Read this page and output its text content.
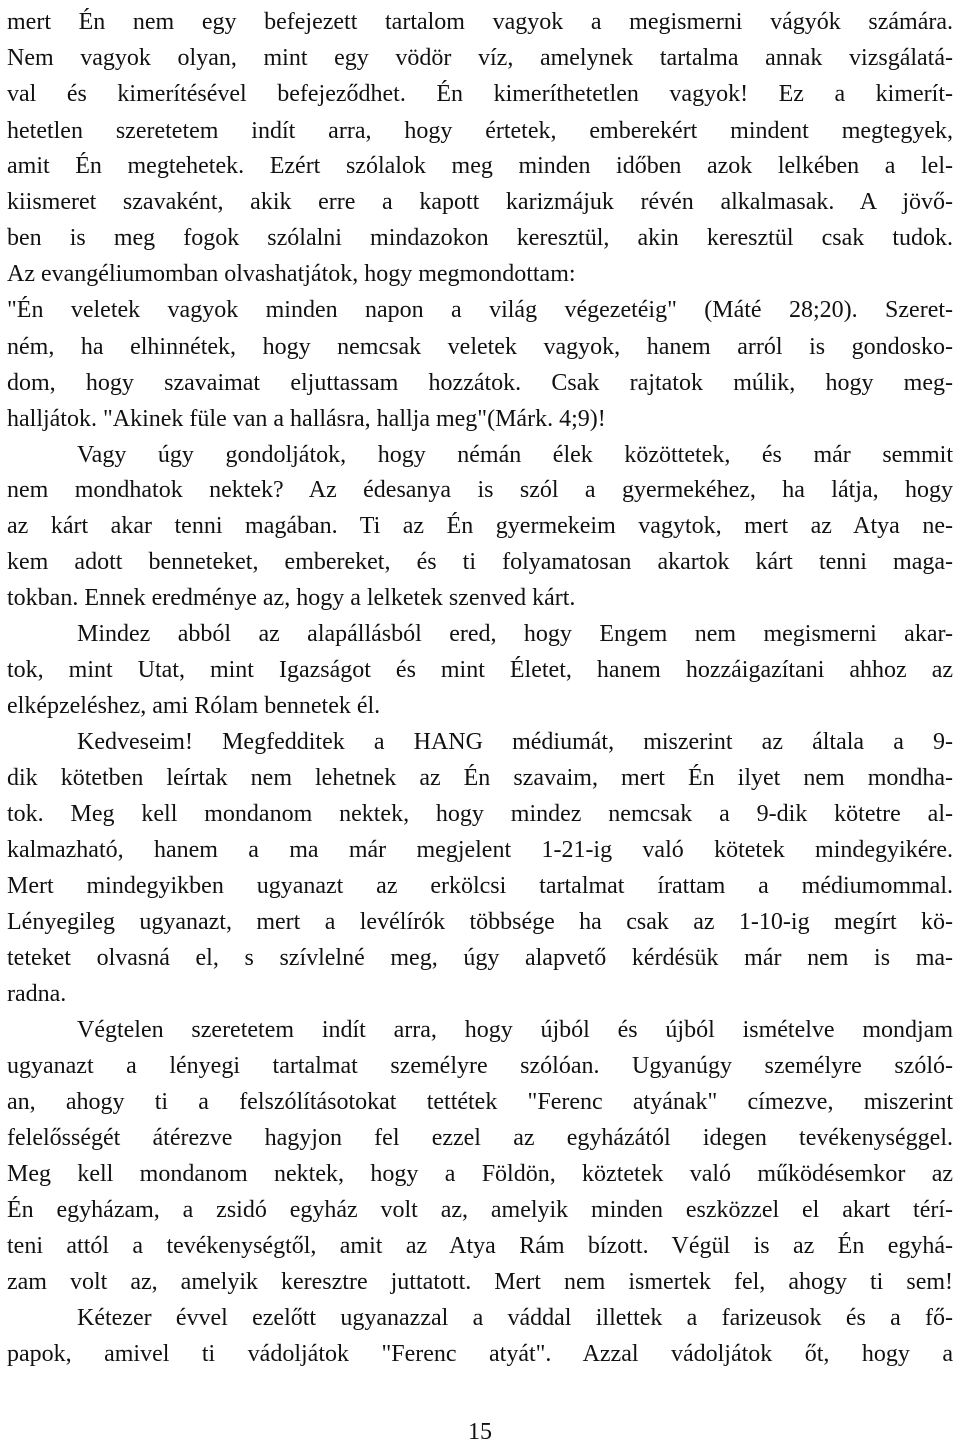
mert Én nem egy befejezett tartalom vagyok a megismerni vágyók számára.
Nem vagyok olyan, mint egy vödör víz, amelynek tartalma annak vizsgálatá-
val és kimerítésével befejeződhet. Én kimeríthetetlen vagyok! Ez a kimerít-
hetetlen szeretetem indít arra, hogy értetek, emberekért mindent megtegyek,
amit Én megtehetek. Ezért szólalok meg minden időben azok lelkében a lel-
kiismeret szavaként, akik erre a kapott karizmájuk révén alkalmasak. A jövő-
ben is meg fogok szólalni mindazokon keresztül, akin keresztül csak tudok.
Az evangéliumomban olvashatjátok, hogy megmondottam:
"Én veletek vagyok minden napon a világ végezetéig" (Máté 28;20). Szeret-
ném, ha elhinnétek, hogy nemcsak veletek vagyok, hanem arról is gondosko-
dom, hogy szavaimat eljuttassam hozzátok. Csak rajtatok múlik, hogy meg-
halljátok. "Akinek füle van a hallásra, hallja meg"(Márk. 4;9)!
Vagy úgy gondoljátok, hogy némán élek közöttetek, és már semmit
nem mondhatok nektek? Az édesanya is szól a gyermekéhez, ha látja, hogy
az kárt akar tenni magában. Ti az Én gyermekeim vagytok, mert az Atya ne-
kem adott benneteket, embereket, és ti folyamatosan akartok kárt tenni maga-
tokban. Ennek eredménye az, hogy a lelketek szenved kárt.
Mindez abból az alapállásból ered, hogy Engem nem megismerni akar-
tok, mint Utat, mint Igazságot és mint Életet, hanem hozzáigazítani ahhoz az
elképzeléshez, ami Rólam bennetek él.
Kedveseim! Megfedditek a HANG médiumát, miszerint az általa a 9-
dik kötetben leírtak nem lehetnek az Én szavaim, mert Én ilyet nem mondha-
tok. Meg kell mondanom nektek, hogy mindez nemcsak a 9-dik kötetre al-
kalmazható, hanem a ma már megjelent 1-21-ig való kötetek mindegyikére.
Mert mindegyikben ugyanazt az erkölcsi tartalmat írattam a médiumommal.
Lényegileg ugyanazt, mert a levélírók többsége ha csak az 1-10-ig megírt kö-
teteket olvasná el, s szívlelné meg, úgy alapvető kérdésük már nem is ma-
radna.
Végtelen szeretetem indít arra, hogy újból és újból ismételve mondjam
ugyanazt a lényegi tartalmat személyre szólóan. Ugyanúgy személyre szóló-
an, ahogy ti a felszólításotokat tettétek "Ferenc atyának" címezve, miszerint
felelősségét átérezve hagyjon fel ezzel az egyházától idegen tevékenységgel.
Meg kell mondanom nektek, hogy a Földön, köztetek való működésemkor az
Én egyházam, a zsidó egyház volt az, amelyik minden eszközzel el akart térí-
teni attól a tevékenységtől, amit az Atya Rám bízott. Végül is az Én egyhá-
zam volt az, amelyik keresztre juttatott. Mert nem ismertek fel, ahogy ti sem!
Kétezer évvel ezelőtt ugyanazzal a váddal illettek a farizeusok és a fő-
papok, amivel ti vádoljátok "Ferenc atyát". Azzal vádoljátok őt, hogy a
15
